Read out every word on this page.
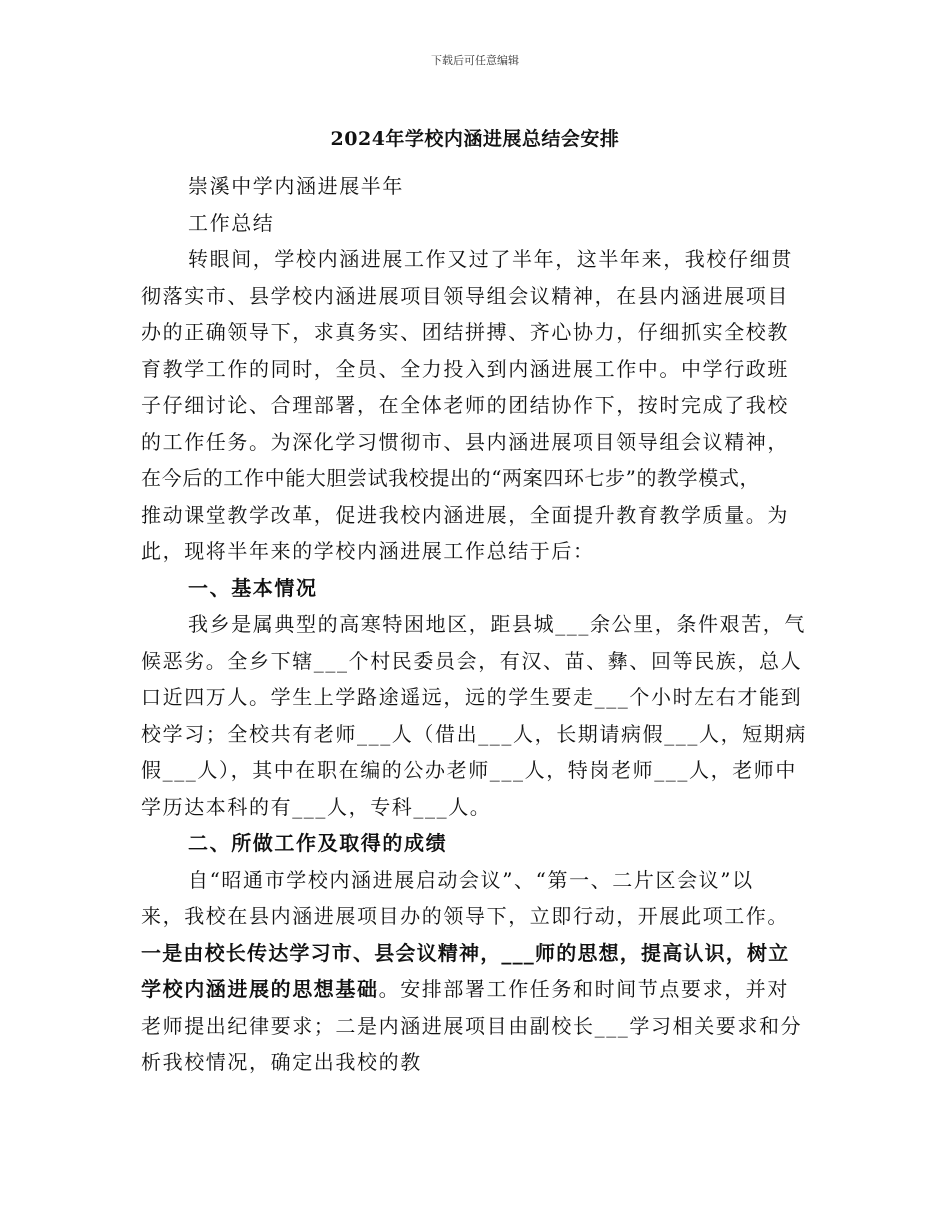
下载后可任意编辑
2024年学校内涵进展总结会安排
崇溪中学内涵进展半年
工作总结
转眼间，学校内涵进展工作又过了半年，这半年来，我校仔细贯
彻落实市、县学校内涵进展项目领导组会议精神，在县内涵进展项目
办的正确领导下，求真务实、团结拼搏、齐心协力，仔细抓实全校教
育教学工作的同时，全员、全力投入到内涵进展工作中。中学行政班
子仔细讨论、合理部署，在全体老师的团结协作下，按时完成了我校
的工作任务。为深化学习惯彻市、县内涵进展项目领导组会议精神，
在今后的工作中能大胆尝试我校提出的“两案四环七步”的教学模式，
推动课堂教学改革，促进我校内涵进展，全面提升教育教学质量。为
此，现将半年来的学校内涵进展工作总结于后：
一、基本情况
我乡是属典型的高寒特困地区，距县城___余公里，条件艰苦，气
候恶劣。全乡下辖___个村民委员会，有汉、苗、彝、回等民族，总人
口近四万人。学生上学路途遥远，远的学生要走___个小时左右才能到
校学习；全校共有老师___人（借出___人，长期请病假___人，短期病
假___人），其中在职在编的公办老师___人，特岗老师___人，老师中
学历达本科的有___人，专科___人。
二、所做工作及取得的成绩
自“昭通市学校内涵进展启动会议”、“第一、二片区会议”以
来，我校在县内涵进展项目办的领导下，立即行动，开展此项工作。
一是由校长传达学习市、县会议精神，___师的思想，提高认识，树立
学校内涵进展的思想基础。安排部署工作任务和时间节点要求，并对
老师提出纪律要求；二是内涵进展项目由副校长___学习相关要求和分
析我校情况，确定出我校的教
